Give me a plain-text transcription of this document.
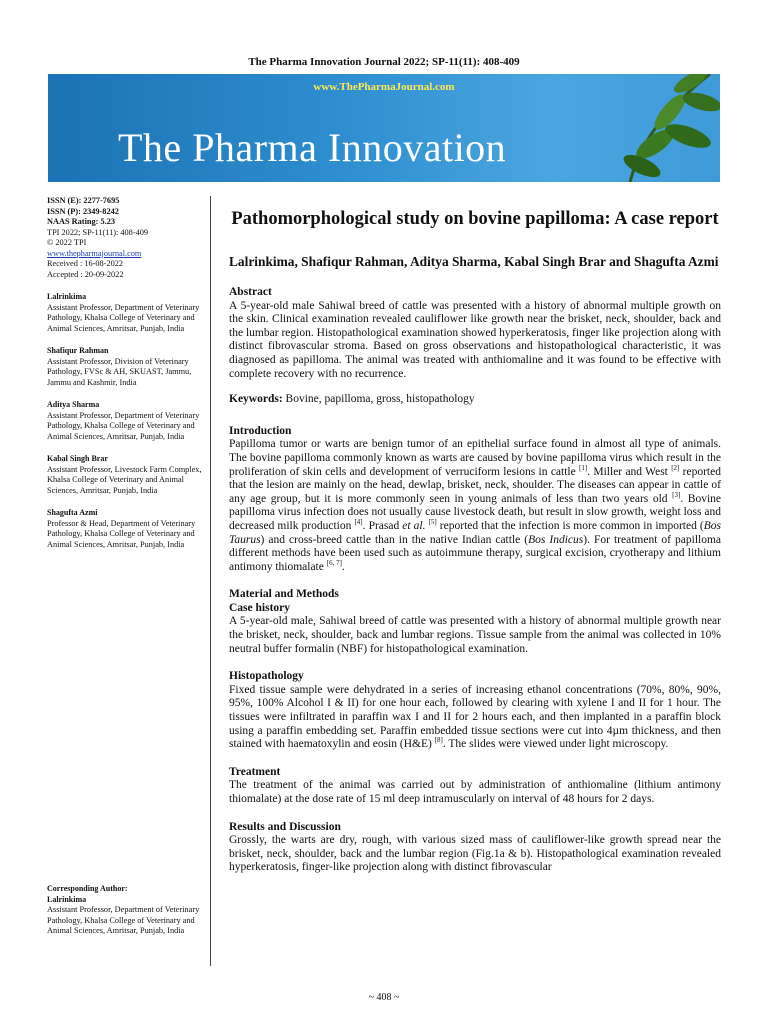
The Pharma Innovation Journal 2022; SP-11(11): 408-409
www.ThePharmaJournal.com
The Pharma Innovation
ISSN (E): 2277-7695
ISSN (P): 2349-8242
NAAS Rating: 5.23
TPI 2022; SP-11(11): 408-409
© 2022 TPI
www.thepharmajournal.com
Received : 16-08-2022
Accepted : 20-09-2022
Lalrinkima
Assistant Professor, Department of Veterinary Pathology, Khalsa College of Veterinary and Animal Sciences, Amritsar, Punjab, India
Shafiqur Rahman
Assistant Professor, Division of Veterinary Pathology, FVSc & AH, SKUAST, Jammu, Jammu and Kashmir, India
Aditya Sharma
Assistant Professor, Department of Veterinary Pathology, Khalsa College of Veterinary and Animal Sciences, Amritsar, Punjab, India
Kabal Singh Brar
Assistant Professor, Livestock Farm Complex, Khalsa College of Veterinary and Animal Sciences, Amritsar, Punjab, India
Shagufta Azmi
Professor & Head, Department of Veterinary Pathology, Khalsa College of Veterinary and Animal Sciences, Amritsar, Punjab, India
Corresponding Author:
Lalrinkima
Assistant Professor, Department of Veterinary Pathology, Khalsa College of Veterinary and Animal Sciences, Amritsar, Punjab, India
Pathomorphological study on bovine papilloma: A case report
Lalrinkima, Shafiqur Rahman, Aditya Sharma, Kabal Singh Brar and Shagufta Azmi
Abstract
A 5-year-old male Sahiwal breed of cattle was presented with a history of abnormal multiple growth on the skin. Clinical examination revealed cauliflower like growth near the brisket, neck, shoulder, back and the lumbar region. Histopathological examination showed hyperkeratosis, finger like projection along with distinct fibrovascular stroma. Based on gross observations and histopathological characteristic, it was diagnosed as papilloma. The animal was treated with anthiomaline and it was found to be effective with complete recovery with no recurrence.
Keywords: Bovine, papilloma, gross, histopathology
Introduction
Papilloma tumor or warts are benign tumor of an epithelial surface found in almost all type of animals. The bovine papilloma commonly known as warts are caused by bovine papilloma virus which result in the proliferation of skin cells and development of verruciform lesions in cattle [1]. Miller and West [2] reported that the lesion are mainly on the head, dewlap, brisket, neck, shoulder. The diseases can appear in cattle of any age group, but it is more commonly seen in young animals of less than two years old [3]. Bovine papilloma virus infection does not usually cause livestock death, but result in slow growth, weight loss and decreased milk production [4]. Prasad et al. [5] reported that the infection is more common in imported (Bos Taurus) and cross-breed cattle than in the native Indian cattle (Bos Indicus). For treatment of papilloma different methods have been used such as autoimmune therapy, surgical excision, cryotherapy and lithium antimony thiomalate [6, 7].
Material and Methods
Case history
A 5-year-old male, Sahiwal breed of cattle was presented with a history of abnormal multiple growth near the brisket, neck, shoulder, back and lumbar regions. Tissue sample from the animal was collected in 10% neutral buffer formalin (NBF) for histopathological examination.
Histopathology
Fixed tissue sample were dehydrated in a series of increasing ethanol concentrations (70%, 80%, 90%, 95%, 100% Alcohol I & II) for one hour each, followed by clearing with xylene I and II for 1 hour. The tissues were infiltrated in paraffin wax I and II for 2 hours each, and then implanted in a paraffin block using a paraffin embedding set. Paraffin embedded tissue sections were cut into 4µm thickness, and then stained with haematoxylin and eosin (H&E) [8]. The slides were viewed under light microscopy.
Treatment
The treatment of the animal was carried out by administration of anthiomaline (lithium antimony thiomalate) at the dose rate of 15 ml deep intramuscularly on interval of 48 hours for 2 days.
Results and Discussion
Grossly, the warts are dry, rough, with various sized mass of cauliflower-like growth spread near the brisket, neck, shoulder, back and the lumbar region (Fig.1a & b). Histopathological examination revealed hyperkeratosis, finger-like projection along with distinct fibrovascular
~ 408 ~
